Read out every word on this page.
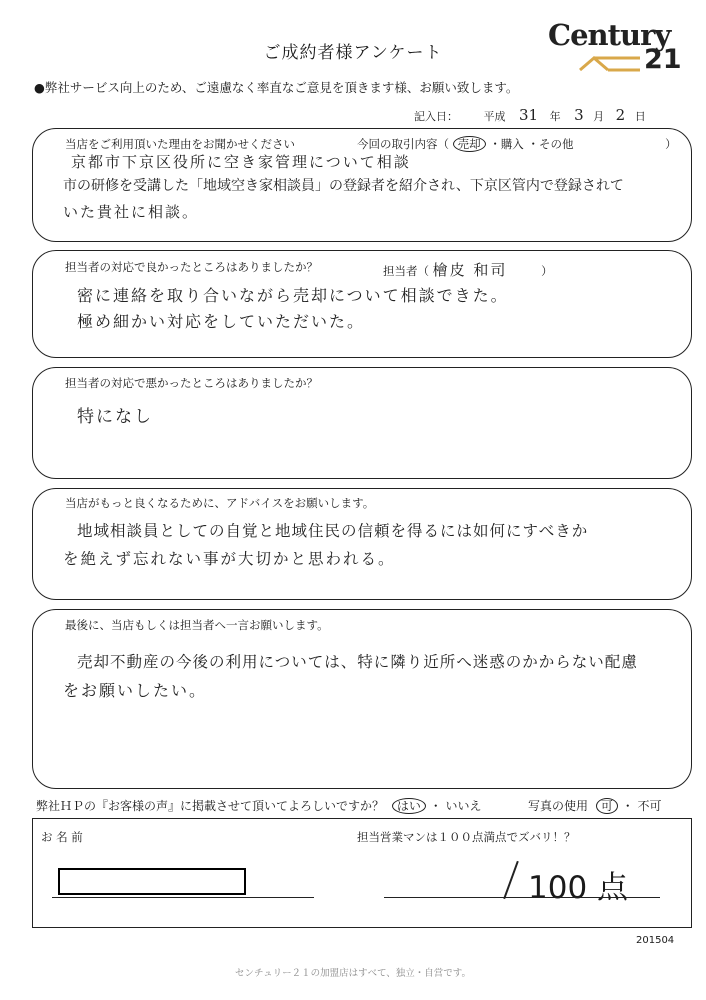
ご成約者様アンケート
Century
21
●弊社サービス向上のため、ご遠慮なく率直なご意見を頂きます様、お願い致します。
記入日： 平成 31 年 3 月 2 日
当店をご利用頂いた理由をお聞かせください	今回の取引内容（ 売却 ・購入 ・その他	）
京都市下京区役所に空き家管理について相談
市の研修を受講した「地域空き家相談員」の登録者を紹介され、下京区管内で登録されて
いた貴社に相談。
担当者の対応で良かったところはありましたか？	担当者（ 檜皮 和司	）
密に連絡を取り合いながら売却について相談できた。
極め細かい対応をしていただいた。
担当者の対応で悪かったところはありましたか？
特になし
当店がもっと良くなるために、アドバイスをお願いします。
地域相談員としての自覚と地域住民の信頼を得るには如何にすべきか
を絶えず忘れない事が大切かと思われる。
最後に、当店もしくは担当者へ一言お願いします。
売却不動産の今後の利用については、特に隣り近所へ迷惑のかからない配慮
をお願いしたい。
弊社ＨＰの『お客様の声』に掲載させて頂いてよろしいですか？ はい ・ いいえ	写真の使用 可 ・ 不可
お 名 前	担当営業マンは１００点満点でズバリ！？
100 点
201504
センチュリー２１の加盟店はすべて、独立・自営です。
